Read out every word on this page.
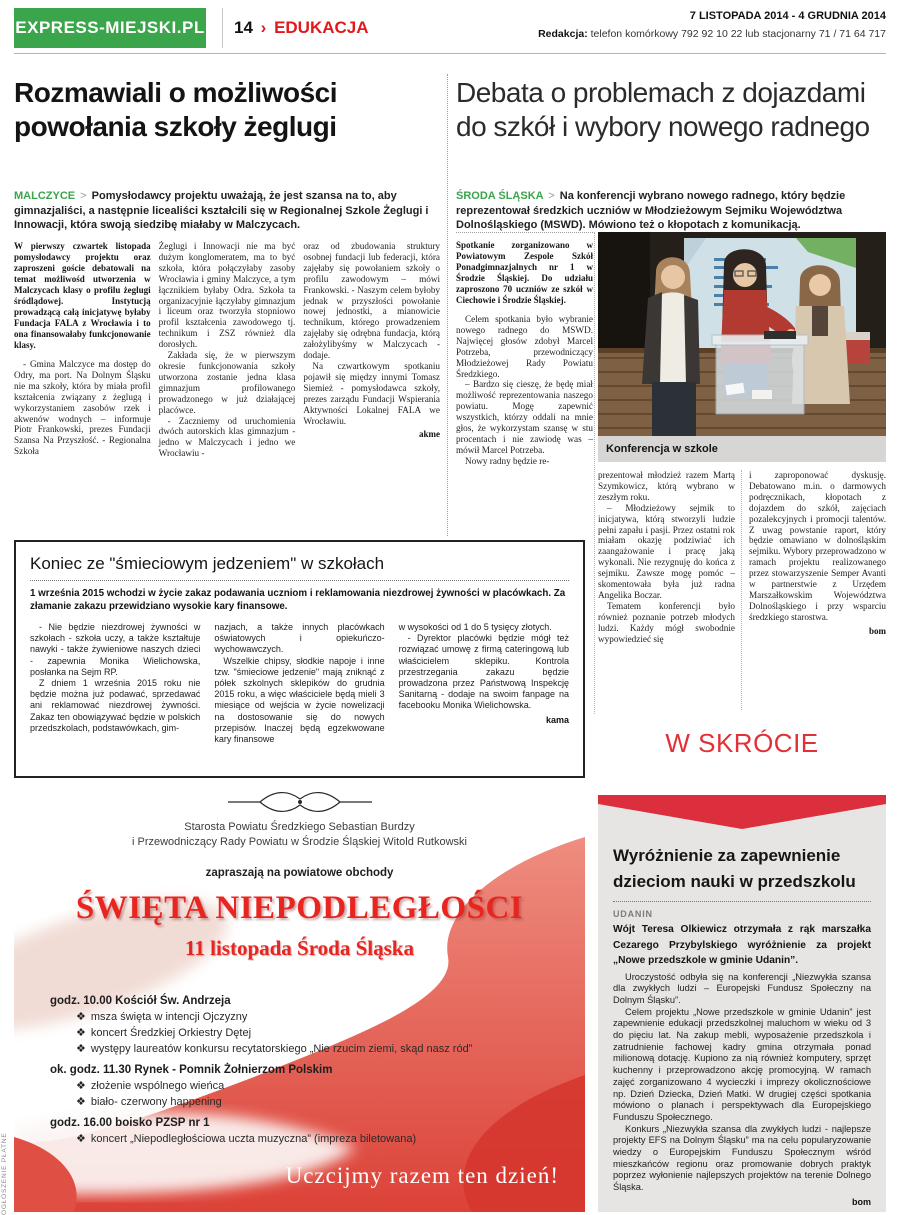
EXPRESS-MIEJSKI.PL 14 › EDUKACJA
7 LISTOPADA 2014 - 4 GRUDNIA 2014
Redakcja: telefon komórkowy 792 92 10 22 lub stacjonarny 71 / 71 64 717
Rozmawiali o możliwości powołania szkoły żeglugi
MALCZYCE > Pomysłodawcy projektu uważają, że jest szansa na to, aby gimnazjaliści, a następnie licealiści kształcili się w Regionalnej Szkole Żeglugi i Innowacji, która swoją siedzibę miałaby w Malczycach.
W pierwszy czwartek listopada pomysłodawcy projektu oraz zaproszeni goście debatowali na temat możliwośd utworzenia w Malczycach klasy o profilu żeglugi śródlądowej. Instytucją prowadzącą całą inicjatywę byłaby Fundacja FALA z Wrocławia i to ona finansowałaby funkcjonowanie klasy.

- Gmina Malczyce ma dostęp do Odry, ma port. Na Dolnym Śląsku nie ma szkoły, która by miała profil kształcenia związany z żeglugą i wykorzystaniem zasobów rzek i akwenów wodnych – informuje Piotr Frankowski, prezes Fundacji Szansa Na Przyszłość. - Regionalna Szkoła

Żeglugi i Innowacji nie ma być dużym konglomeratem, ma to być szkoła, która połączyłaby zasoby Wrocławia i gminy Malczyce, a tym łącznikiem byłaby Odra. Szkoła ta organizacyjnie łączyłaby gimnazjum i liceum oraz tworzyła stopniowo profil kształcenia zawodowego tj. technikum i ZSZ również dla dorosłych.

Zakłada się, że w pierwszym okresie funkcjonowania szkoły utworzona zostanie jedna klasa gimnazjum profilowanego prowadzonego w już działającej placówce.

- Zaczniemy od uruchomienia dwóch autorskich klas gimnazjum - jedno w Malczycach i jedno we Wrocławiu -

oraz od zbudowania struktury osobnej fundacji lub federacji, która zajęłaby się powołaniem szkoły o profilu zawodowym – mówi Frankowski. - Naszym celem byłoby jednak w przyszłości powołanie nowej jednostki, a mianowicie technikum, którego prowadzeniem zajęłaby się odrębna fundacja, którą założylibyśmy w Malczycach - dodaje.

Na czwartkowym spotkaniu pojawił się między innymi Tomasz Siemież - pomysłodawca szkoły, prezes zarządu Fundacji Wspierania Aktywności Lokalnej FALA we Wrocławiu.

akme
Debata o problemach z dojazdami do szkół i wybory nowego radnego
ŚRODA ŚLĄSKA > Na konferencji wybrano nowego radnego, który będzie reprezentował średzkich uczniów w Młodzieżowym Sejmiku Województwa Dolnośląskiego (MSWD). Mówiono też o kłopotach z komunikacją.
Spotkanie zorganizowano w Powiatowym Zespole Szkół Ponadgimnazjalnych nr 1 w Środzie Śląskiej. Do udziału zaproszono 70 uczniów ze szkół w Ciechowie i Środzie Śląskiej.

Celem spotkania było wybranie nowego radnego do MSWD. Najwięcej głosów zdobył Marcel Potrzeba, przewodniczący Młodzieżowej Rady Powiatu Średzkiego.

– Bardzo się cieszę, że będę miał możliwość reprezentowania naszego powiatu. Mogę zapewnić wszystkich, którzy oddali na mnie głos, że wykorzystam szansę w stu procentach i nie zawiodę was – mówił Marcel Potrzeba.

Nowy radny będzie re-

Konferencja w szkole

prezentował młodzież razem Martą Szymkowicz, którą wybrano w zeszłym roku.

– Młodzieżowy sejmik to inicjatywa, którą stworzyli ludzie pełni zapału i pasji. Przez ostatni rok miałam okazję podziwiać ich zaangażowanie i pracę jaką wykonali. Nie rezygnuję do końca z sejmiku. Zawsze mogę pomóc – skomentowała była już radna Angelika Boczar.

Tematem konferencji było również poznanie potrzeb młodych ludzi. Każdy mógł swobodnie wypowiedzieć się

i zaproponować dyskusję. Debatowano m.in. o darmowych podręcznikach, kłopotach z dojazdem do szkół, zajęciach pozalekcyjnych i promocji talentów. Z uwag powstanie raport, który będzie omawiano w dolnośląskim sejmiku. Wybory przeprowadzono w ramach projektu realizowanego przez stowarzyszenie Semper Avanti w partnerstwie z Urzędem Marszałkowskim Województwa Dolnośląskiego i przy wsparciu średzkiego starostwa.

bom
Koniec ze "śmieciowym jedzeniem" w szkołach
1 września 2015 wchodzi w życie zakaz podawania uczniom i reklamowania niezdrowej żywności w placówkach. Za złamanie zakazu przewidziano wysokie kary finansowe.

- Nie będzie niezdrowej żywności w szkołach - szkoła uczy, a także kształtuje nawyki - także żywieniowe naszych dzieci - zapewnia Monika Wielichowska, posłanka na Sejm RP.

Z dniem 1 września 2015 roku nie będzie można już podawać, sprzedawać ani reklamować niezdrowej żywności. Zakaz ten obowiązywać będzie w polskich przedszkolach, podstawówkach, gim-

nazjach, a także innych placówkach oświatowych i opiekuńczo-wychowawczych.

Wszelkie chipsy, słodkie napoje i inne tzw. "śmieciowe jedzenie" mają zniknąć z półek szkolnych sklepików do grudnia 2015 roku, a więc właściciele będą mieli 3 miesiące od wejścia w życie nowelizacji na dostosowanie się do nowych przepisów. Inaczej będą egzekwowane kary finansowe

w wysokości od 1 do 5 tysięcy złotych.

- Dyrektor placówki będzie mógł też rozwiązać umowę z firmą cateringową lub właścicielem sklepiku. Kontrola przestrzegania zakazu będzie prowadzona przez Państwową Inspekcję Sanitarną - dodaje na swoim fanpage na facebooku Monika Wielichowska.

kama
W SKRÓCIE
Wyróżnienie za zapewnienie dzieciom nauki w przedszkolu
UDANIN
Wójt Teresa Olkiewicz otrzymała z rąk marszałka Cezarego Przybylskiego wyróżnienie za projekt „Nowe przedszkole w gminie Udanin”.

Uroczystość odbyła się na konferencji „Niezwykła szansa dla zwykłych ludzi – Europejski Fundusz Społeczny na Dolnym Śląsku”.

Celem projektu „Nowe przedszkole w gminie Udanin” jest zapewnienie edukacji przedszkolnej maluchom w wieku od 3 do pięciu lat. Na zakup mebli, wyposażenie przedszkola i zatrudnienie fachowej kadry gmina otrzymała ponad milionową dotację. Kupiono za nią również komputery, sprzęt kuchenny i przeprowadzono akcję promocyjną. W ramach zajęć zorganizowano 4 wycieczki i imprezy okolicznościowe np. Dzień Dziecka, Dzień Matki. W drugiej części spotkania mówiono o planach i perspektywach dla Europejskiego Funduszu Społecznego.

Konkurs „Niezwykła szansa dla zwykłych ludzi - najlepsze projekty EFS na Dolnym Śląsku” ma na celu popularyzowanie wiedzy o Europejskim Funduszu Społecznym wśród mieszkańców regionu oraz promowanie dobrych praktyk poprzez wyłonienie najlepszych projektów na terenie Dolnego Śląska.

bom
Starosta Powiatu Średzkiego Sebastian Burdzy
i Przewodniczący Rady Powiatu w Środzie Śląskiej Witold Rutkowski
zapraszają na powiatowe obchody
ŚWIĘTA NIEPODLEGŁOŚCI
11 listopada Środa Śląska
godz. 10.00 Kościół Św. Andrzeja
❖ msza święta w intencji Ojczyzny
❖ koncert Średzkiej Orkiestry Dętej
❖ występy laureatów konkursu recytatorskiego „Nie rzucim ziemi, skąd nasz ród”
ok. godz. 11.30 Rynek - Pomnik Żołnierzom Polskim
❖ złożenie wspólnego wieńca
❖ biało- czerwony happening
godz. 16.00 boisko PZSP nr 1
❖ koncert „Niepodległościowa uczta muzyczna” (impreza biletowana)
Uczcijmy razem ten dzień!
OGŁOSZENIE PŁATNE
